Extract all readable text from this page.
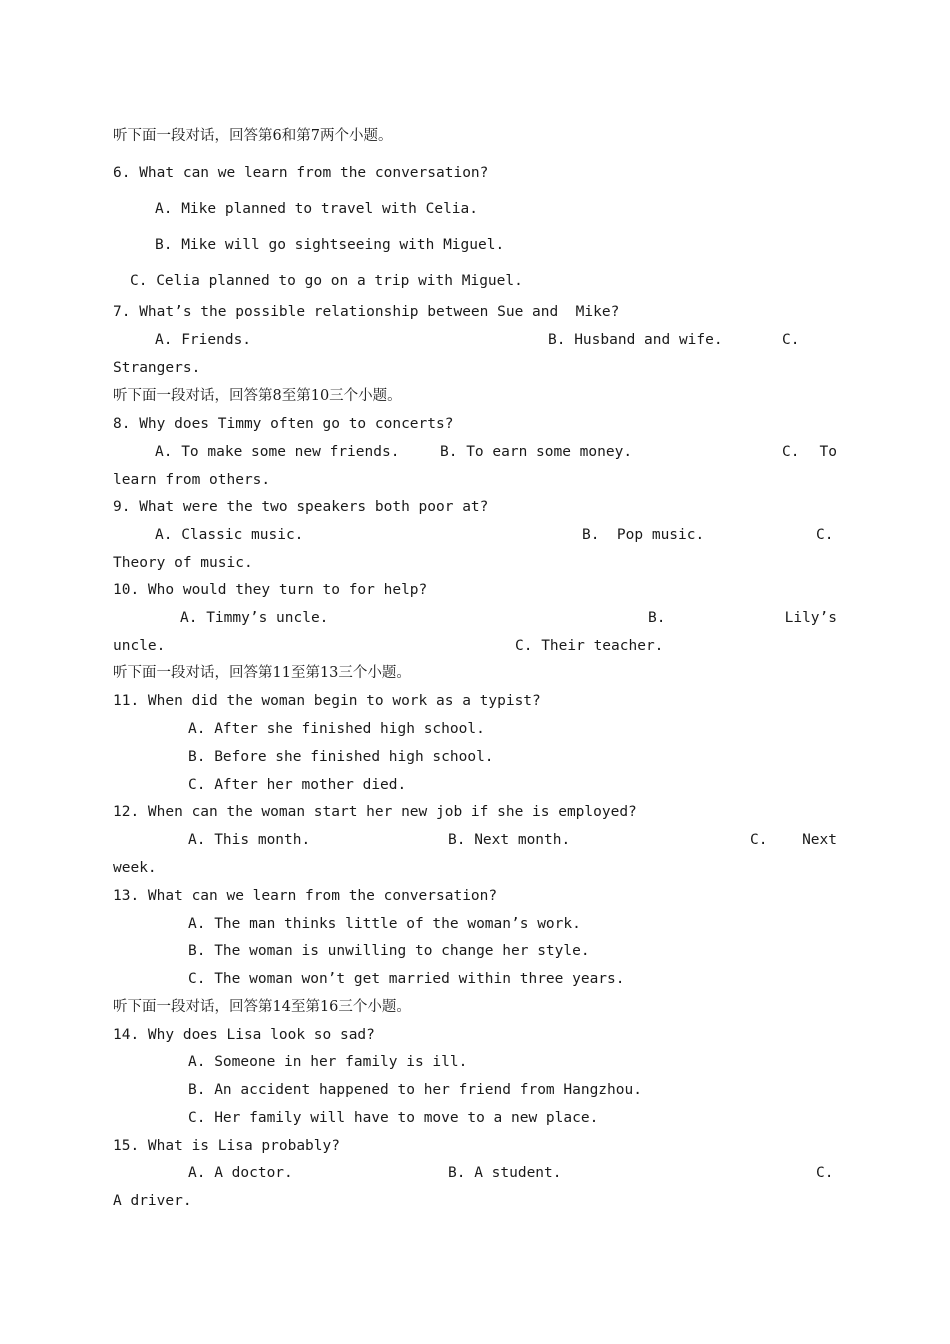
听下面一段对话，回答第6和第7两个小题。
6. What can we learn from the conversation?
A. Mike planned to travel with Celia.
B. Mike will go sightseeing with Miguel.
C. Celia planned to go on a trip with Miguel.
7. What’s the possible relationship between Sue and  Mike?
A. Friends.	B. Husband and wife.	C.
Strangers.
听下面一段对话，回答第8至第10三个小题。
8. Why does Timmy often go to concerts?
A. To make some new friends.	B. To earn some money.	C.	To
learn from others.
9. What were the two speakers both poor at?
A. Classic music.	B.  Pop music.	C.
Theory of music.
10. Who would they turn to for help?
A. Timmy’s uncle.	B.	Lily’s
uncle.	C. Their teacher.
听下面一段对话，回答第11至第13三个小题。
11. When did the woman begin to work as a typist?
A. After she finished high school.
B. Before she finished high school.
C. After her mother died.
12. When can the woman start her new job if she is employed?
A. This month.	B. Next month.	C.	Next
week.
13. What can we learn from the conversation?
A. The man thinks little of the woman’s work.
B. The woman is unwilling to change her style.
C. The woman won’t get married within three years.
听下面一段对话，回答第14至第16三个小题。
14. Why does Lisa look so sad?
A. Someone in her family is ill.
B. An accident happened to her friend from Hangzhou.
C. Her family will have to move to a new place.
15. What is Lisa probably?
A. A doctor.	B. A student.	C.
A driver.
